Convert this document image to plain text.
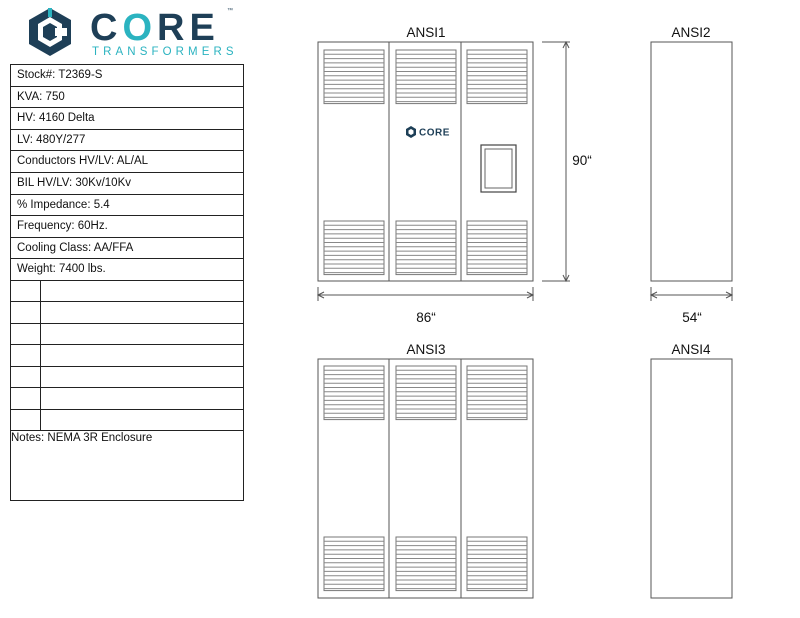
CORE ™
TRANSFORMERS
Stock#: T2369-S
KVA: 750
HV: 4160 Delta
LV: 480Y/277
Conductors HV/LV: AL/AL
BIL HV/LV: 30Kv/10Kv
% Impedance: 5.4
Frequency: 60Hz.
Cooling Class: AA/FFA
Weight: 7400 lbs.
Notes: NEMA 3R Enclosure
ANSI1	ANSI2
ANSI3	ANSI4
90“
86“	54“
CORE
